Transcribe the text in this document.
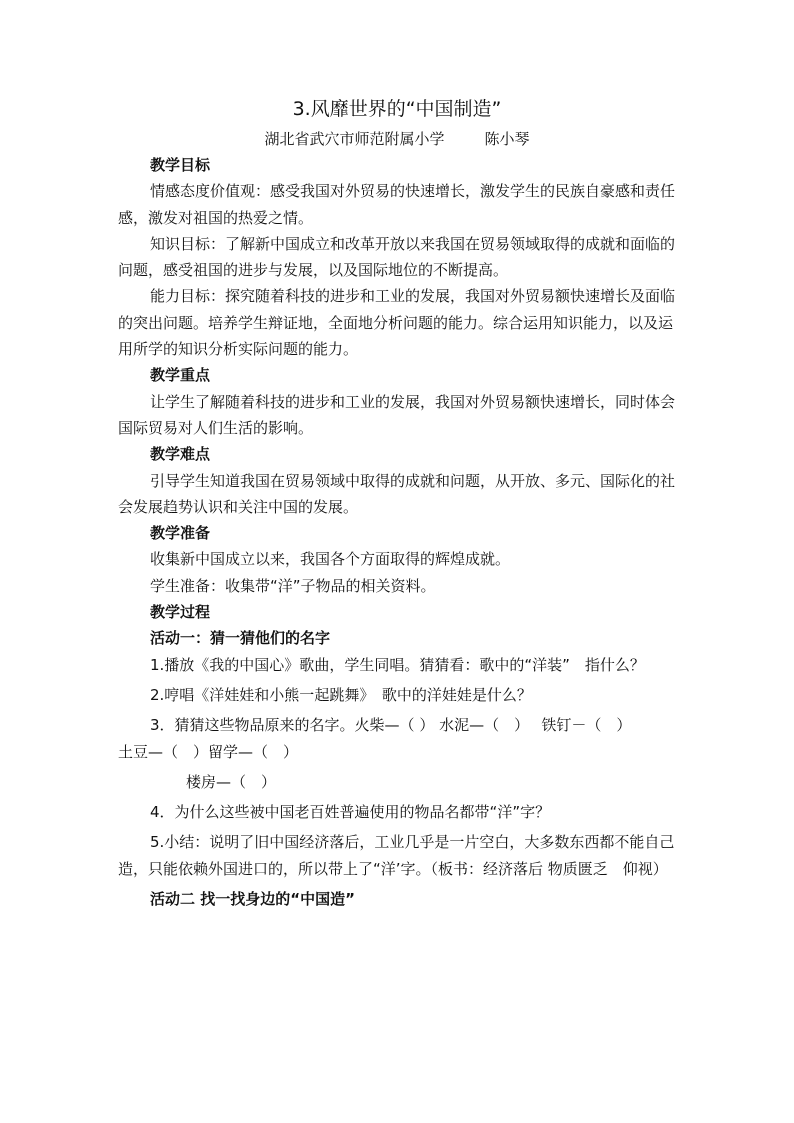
3.风靡世界的“中国制造”
湖北省武穴市师范附属小学	陈小琴

教学目标

情感态度价值观：感受我国对外贸易的快速增长，激发学生的民族自豪感和责任感，激发对祖国的热爱之情。

知识目标：了解新中国成立和改革开放以来我国在贸易领域取得的成就和面临的问题，感受祖国的进步与发展，以及国际地位的不断提高。

能力目标：探究随着科技的进步和工业的发展，我国对外贸易额快速增长及面临的突出问题。培养学生辩证地，全面地分析问题的能力。综合运用知识能力，以及运用所学的知识分析实际问题的能力。

教学重点

让学生了解随着科技的进步和工业的发展，我国对外贸易额快速增长，同时体会国际贸易对人们生活的影响。

教学难点

引导学生知道我国在贸易领域中取得的成就和问题，从开放、多元、国际化的社会发展趋势认识和关注中国的发展。

教学准备

收集新中国成立以来，我国各个方面取得的辉煌成就。

学生准备：收集带“洋”子物品的相关资料。

教学过程

活动一：猜一猜他们的名字

1.播放《我的中国心》歌曲，学生同唱。猜猜看：歌中的“洋装”　指什么？

2.哼唱《洋娃娃和小熊一起跳舞》　歌中的洋娃娃是什么？

3．猜猜这些物品原来的名字。火柴—（ ） 水泥—（　）　 铁钉－（　）

土豆—（　）留学—（　）

楼房—（　）

4．为什么这些被中国老百姓普遍使用的物品名都带“洋”字？

5.小结：说明了旧中国经济落后，工业几乎是一片空白，大多数东西都不能自己造，只能依赖外国进口的，所以带上了“洋’字。（板书：经济落后 物质匮乏　仰视）

活动二 找一找身边的“中国造”
